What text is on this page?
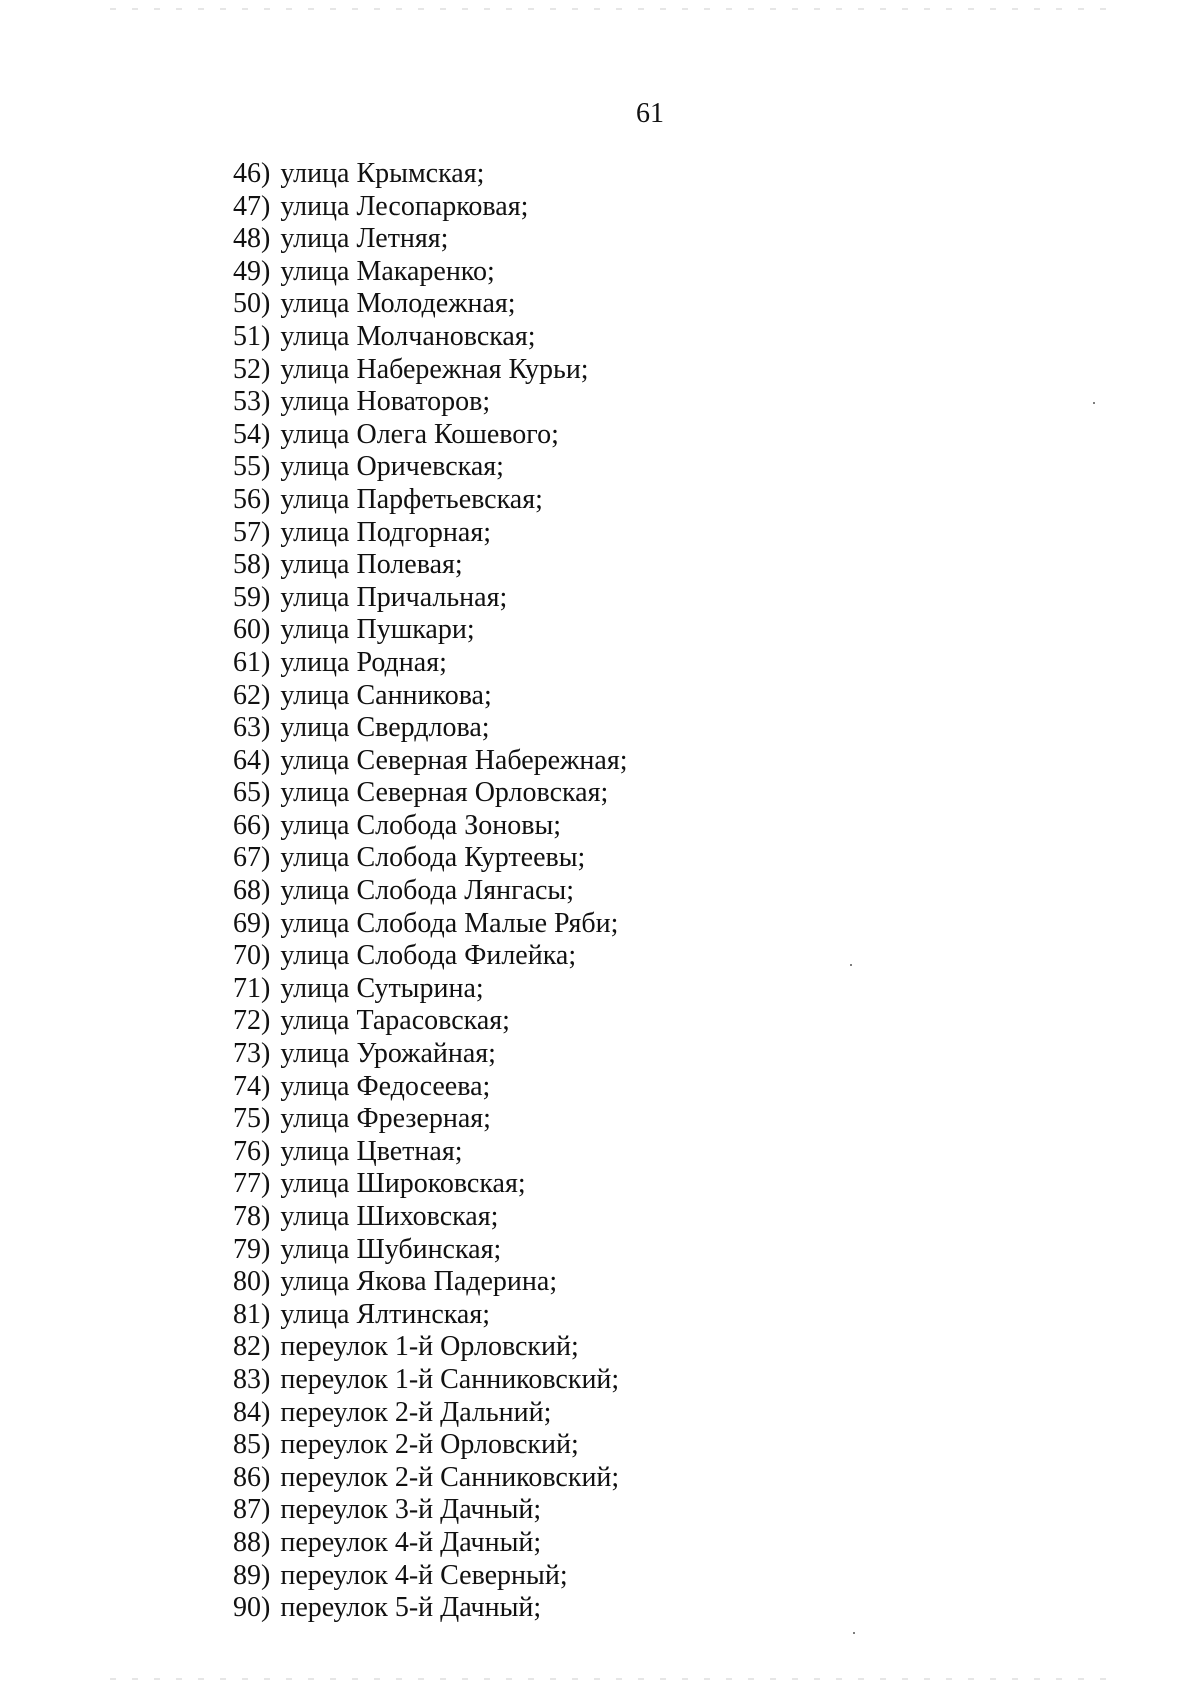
61
46) улица Крымская;
47) улица Лесопарковая;
48) улица Летняя;
49) улица Макаренко;
50) улица Молодежная;
51) улица Молчановская;
52) улица Набережная Курьи;
53) улица Новаторов;
54) улица Олега Кошевого;
55) улица Оричевская;
56) улица Парфетьевская;
57) улица Подгорная;
58) улица Полевая;
59) улица Причальная;
60) улица Пушкари;
61) улица Родная;
62) улица Санникова;
63) улица Свердлова;
64) улица Северная Набережная;
65) улица Северная Орловская;
66) улица Слобода Зоновы;
67) улица Слобода Куртеевы;
68) улица Слобода Лянгасы;
69) улица Слобода Малые Ряби;
70) улица Слобода Филейка;
71) улица Сутырина;
72) улица Тарасовская;
73) улица Урожайная;
74) улица Федосеева;
75) улица Фрезерная;
76) улица Цветная;
77) улица Широковская;
78) улица Шиховская;
79) улица Шубинская;
80) улица Якова Падерина;
81) улица Ялтинская;
82) переулок 1-й Орловский;
83) переулок 1-й Санниковский;
84) переулок 2-й Дальний;
85) переулок 2-й Орловский;
86) переулок 2-й Санниковский;
87) переулок 3-й Дачный;
88) переулок 4-й Дачный;
89) переулок 4-й Северный;
90) переулок 5-й Дачный;
